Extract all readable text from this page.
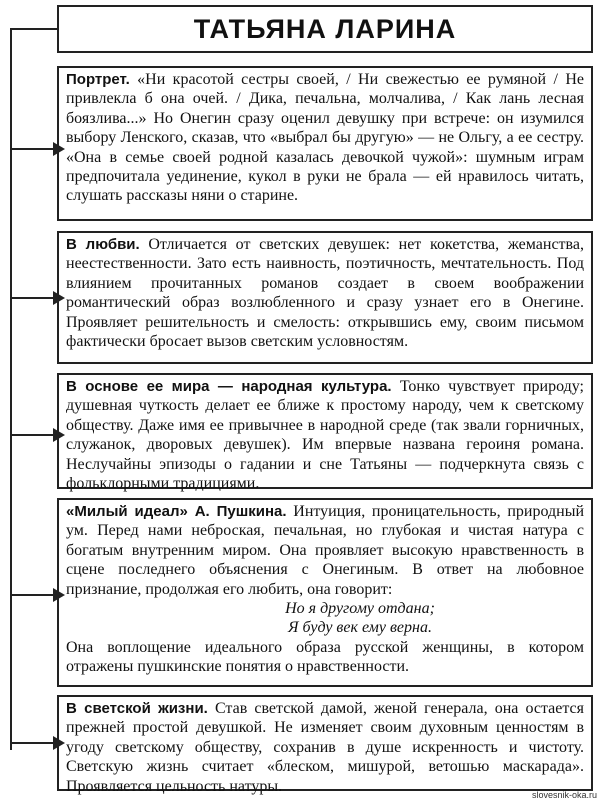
ТАТЬЯНА ЛАРИНА
Портрет. «Ни красотой сестры своей, / Ни свежестью ее румяной / Не привлекла б она очей. / Дика, печальна, молчалива, / Как лань лесная боязлива...» Но Онегин сразу оценил девушку при встрече: он изумился выбору Ленского, сказав, что «выбрал бы другую» — не Ольгу, а ее сестру. «Она в семье своей родной казалась девочкой чужой»: шумным играм предпочитала уединение, кукол в руки не брала — ей нравилось читать, слушать рассказы няни о старине.
В любви. Отличается от светских девушек: нет кокетства, жеманства, неестественности. Зато есть наивность, поэтичность, мечтательность. Под влиянием прочитанных романов создает в своем воображении романтический образ возлюбленного и сразу узнает его в Онегине. Проявляет решительность и смелость: открывшись ему, своим письмом фактически бросает вызов светским условностям.
В основе ее мира — народная культура. Тонко чувствует природу; душевная чуткость делает ее ближе к простому народу, чем к светскому обществу. Даже имя ее привычнее в народной среде (так звали горничных, служанок, дворовых девушек). Им впервые названа героиня романа. Неслучайны эпизоды о гадании и сне Татьяны — подчеркнута связь с фольклорными традициями.
«Милый идеал» А. Пушкина. Интуиция, проницательность, природный ум. Перед нами неброская, печальная, но глубокая и чистая натура с богатым внутренним миром. Она проявляет высокую нравственность в сцене последнего объяснения с Онегиным. В ответ на любовное признание, продолжая его любить, она говорит:
Но я другому отдана;
Я буду век ему верна.
Она воплощение идеального образа русской женщины, в котором отражены пушкинские понятия о нравственности.
В светской жизни. Став светской дамой, женой генерала, она остается прежней простой девушкой. Не изменяет своим духовным ценностям в угоду светскому обществу, сохранив в душе искренность и чистоту. Светскую жизнь считает «блеском, мишурой, ветошью маскарада». Проявляется цельность натуры.
slovesnik-oka.ru
